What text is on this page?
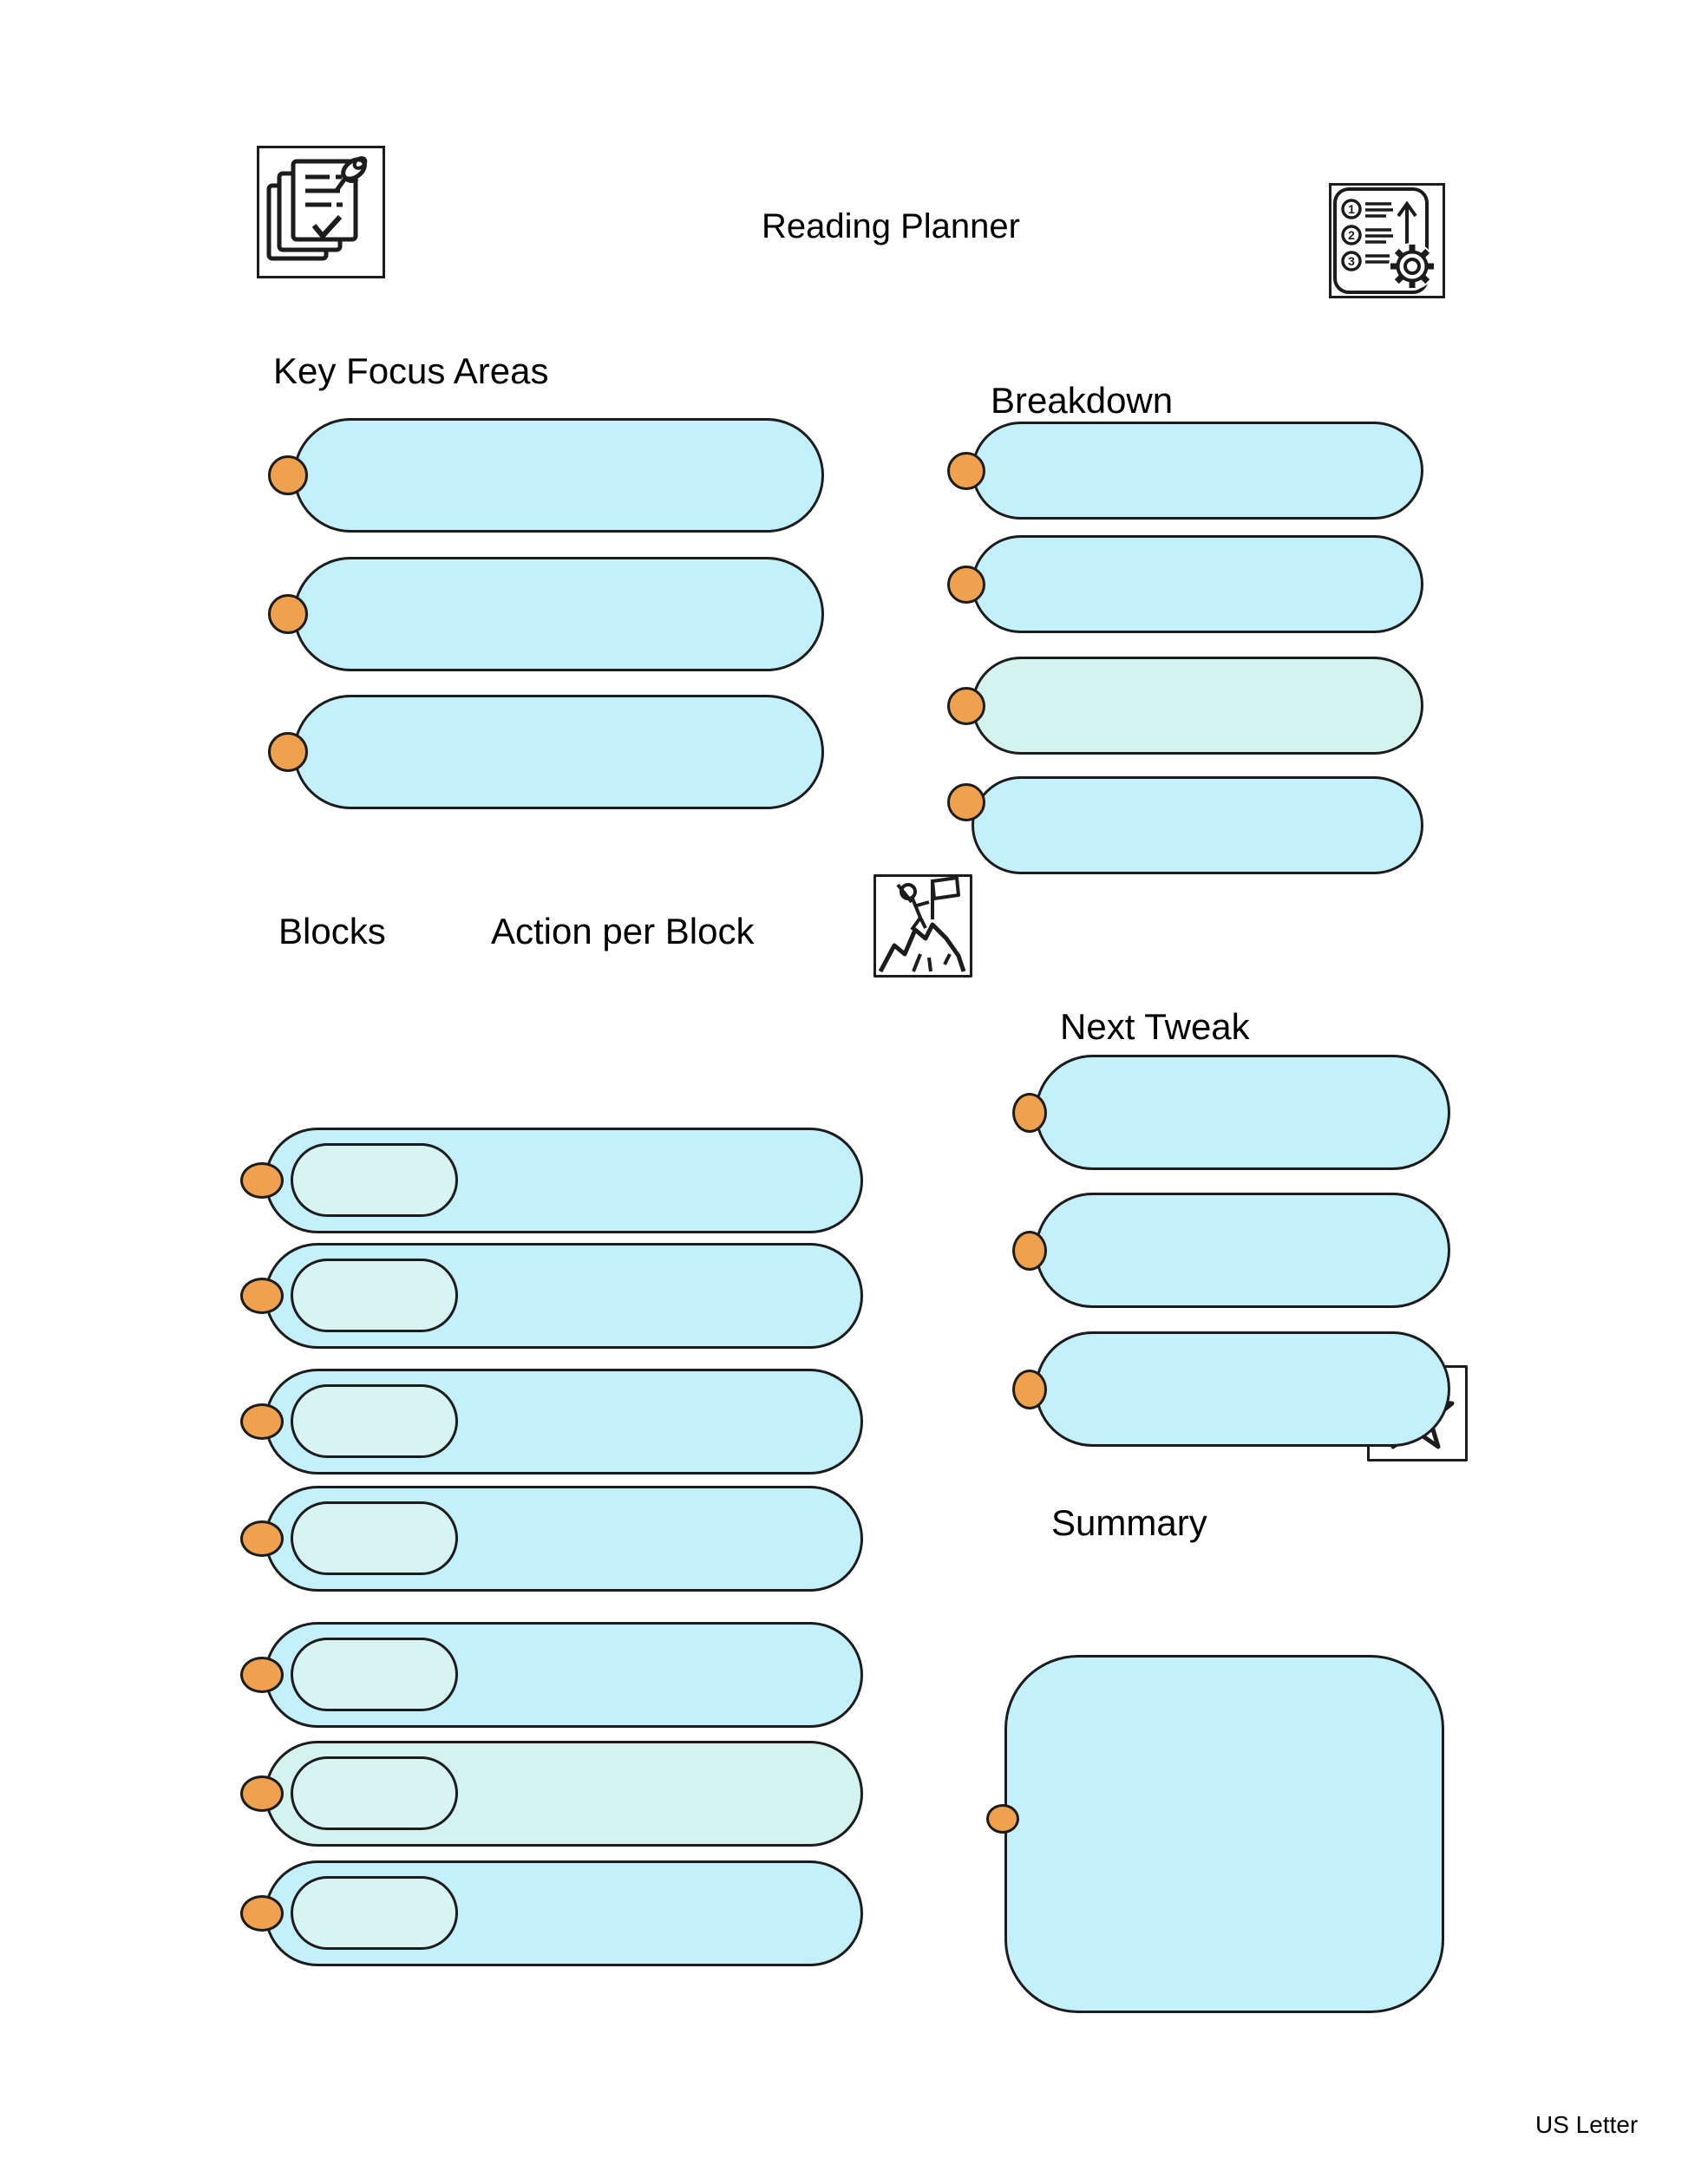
Reading Planner	1
2
3
Key Focus Areas
Breakdown
Blocks	Action per Block
Next Tweak
Summary
US Letter
